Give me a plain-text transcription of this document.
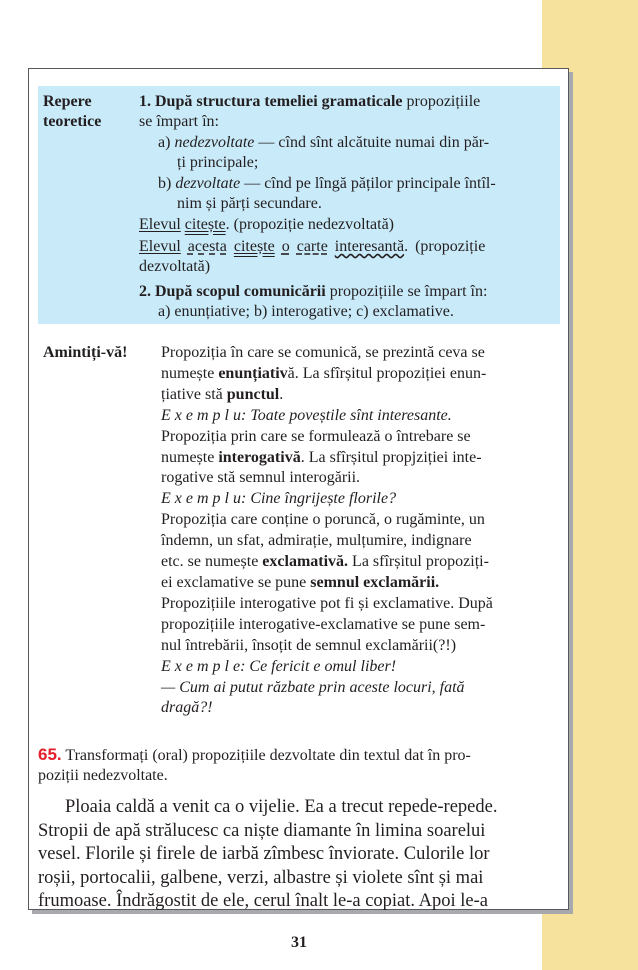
Repere
teoretice
1. După structura temeliei gramaticale propozițiile
se împart în:
a) nedezvoltate — cînd sînt alcătuite numai din păr-
ți principale;
b) dezvoltate — cînd pe lîngă păților principale întîl-
nim și părți secundare.
Elevul citește. (propoziție nedezvoltată)
Elevul acesta citește o carte interesantă. (propoziție
dezvoltată)
2. După scopul comunicării propozițiile se împart în:
a) enunțiative; b) interogative; c) exclamative.
Amintiți-vă! Propoziția în care se comunică, se prezintă ceva se
numește enunțiativă. La sfîrșitul propoziției enun-
țiative stă punctul.
E x e m p l u: Toate poveștile sînt interesante.
Propoziția prin care se formulează o întrebare se
numește interogativă. La sfîrșitul propjziției inte-
rogative stă semnul interogării.
E x e m p l u: Cine îngrijește florile?
Propoziția care conține o poruncă, o rugăminte, un
îndemn, un sfat, admirație, mulțumire, indignare
etc. se numește exclamativă. La sfîrșitul propoziți-
ei exclamative se pune semnul exclamării.
Propozițiile interogative pot fi și exclamative. După
propozițiile interogative-exclamative se pune sem-
nul întrebării, însoțit de semnul exclamării(?!)
E x e m p l e: Ce fericit e omul liber!
— Cum ai putut răzbate prin aceste locuri, fată
dragă?!
65. Transformați (oral) propozițiile dezvoltate din textul dat în pro-
poziții nedezvoltate.
Ploaia caldă a venit ca o vijelie. Ea a trecut repede-repede.
Stropii de apă strălucesc ca niște diamante în limina soarelui
vesel. Florile și firele de iarbă zîmbesc înviorate. Culorile lor
roșii, portocalii, galbene, verzi, albastre și violete sînt și mai
frumoase. Îndrăgostit de ele, cerul înalt le-a copiat. Apoi le-a
31
